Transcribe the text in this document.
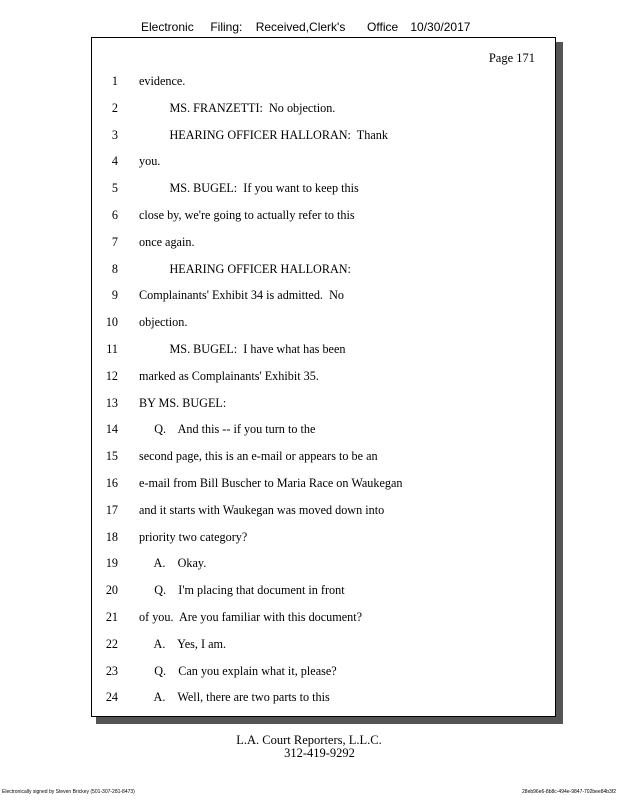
Electronic Filing: Received,Clerk's Office 10/30/2017
Page 171
1 evidence.
2 MS. FRANZETTI:  No objection.
3 HEARING OFFICER HALLORAN:  Thank
4 you.
5 MS. BUGEL:  If you want to keep this
6 close by, we're going to actually refer to this
7 once again.
8 HEARING OFFICER HALLORAN:
9 Complainants' Exhibit 34 is admitted.  No
10 objection.
11 MS. BUGEL:  I have what has been
12 marked as Complainants' Exhibit 35.
13 BY MS. BUGEL:
14 Q.    And this -- if you turn to the
15 second page, this is an e-mail or appears to be an
16 e-mail from Bill Buscher to Maria Race on Waukegan
17 and it starts with Waukegan was moved down into
18 priority two category?
19 A.    Okay.
20 Q.    I'm placing that document in front
21 of you.  Are you familiar with this document?
22 A.    Yes, I am.
23 Q.    Can you explain what it, please?
24 A.    Well, there are two parts to this
L.A. Court Reporters, L.L.C.
312-419-9292
Electronically signed by Steven Brickey (501-307-281-8473)	28eb96e6-8b8c-494e-9847-702bee84b3f2
